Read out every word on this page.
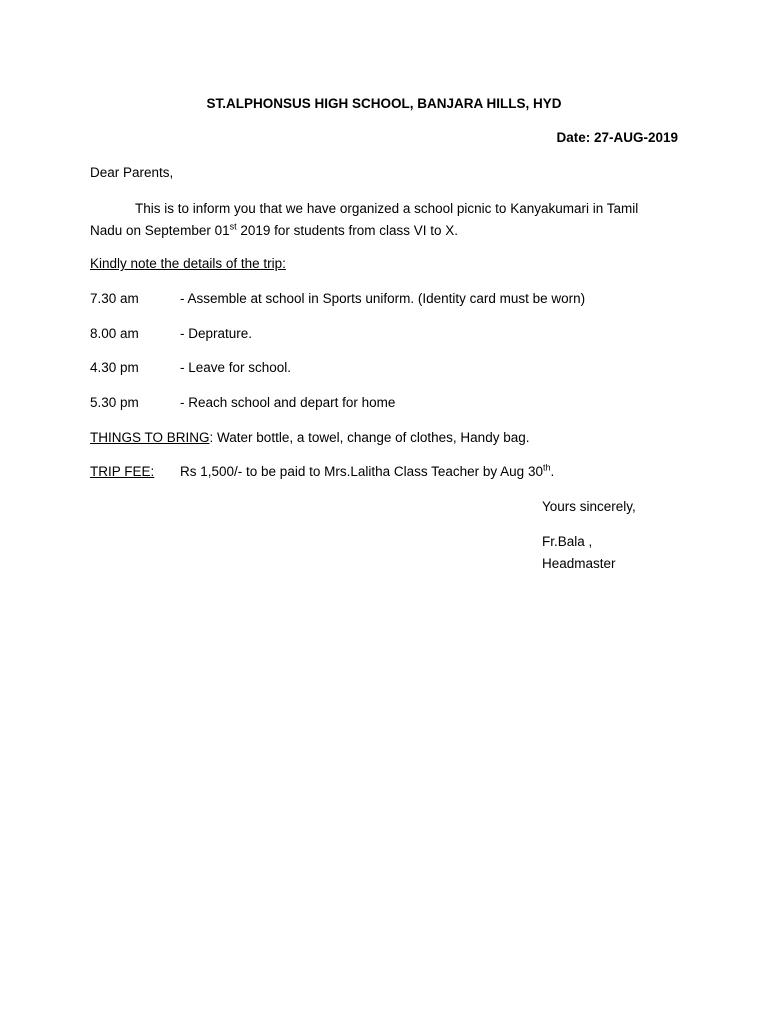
ST.ALPHONSUS HIGH SCHOOL, BANJARA HILLS, HYD
Date: 27-AUG-2019
Dear Parents,
This is to inform you that we have organized a school picnic to Kanyakumari in Tamil Nadu on September 01st 2019 for students from class VI to X.
Kindly note the details of the trip:
7.30 am	- Assemble at school in Sports uniform. (Identity card must be worn)
8.00 am	- Deprature.
4.30 pm	- Leave for school.
5.30 pm	- Reach school and depart for home
THINGS TO BRING: Water bottle, a towel, change of clothes, Handy bag.
TRIP FEE:	Rs 1,500/- to be paid to Mrs.Lalitha Class Teacher by Aug 30th.
Yours sincerely,
Fr.Bala ,
Headmaster
